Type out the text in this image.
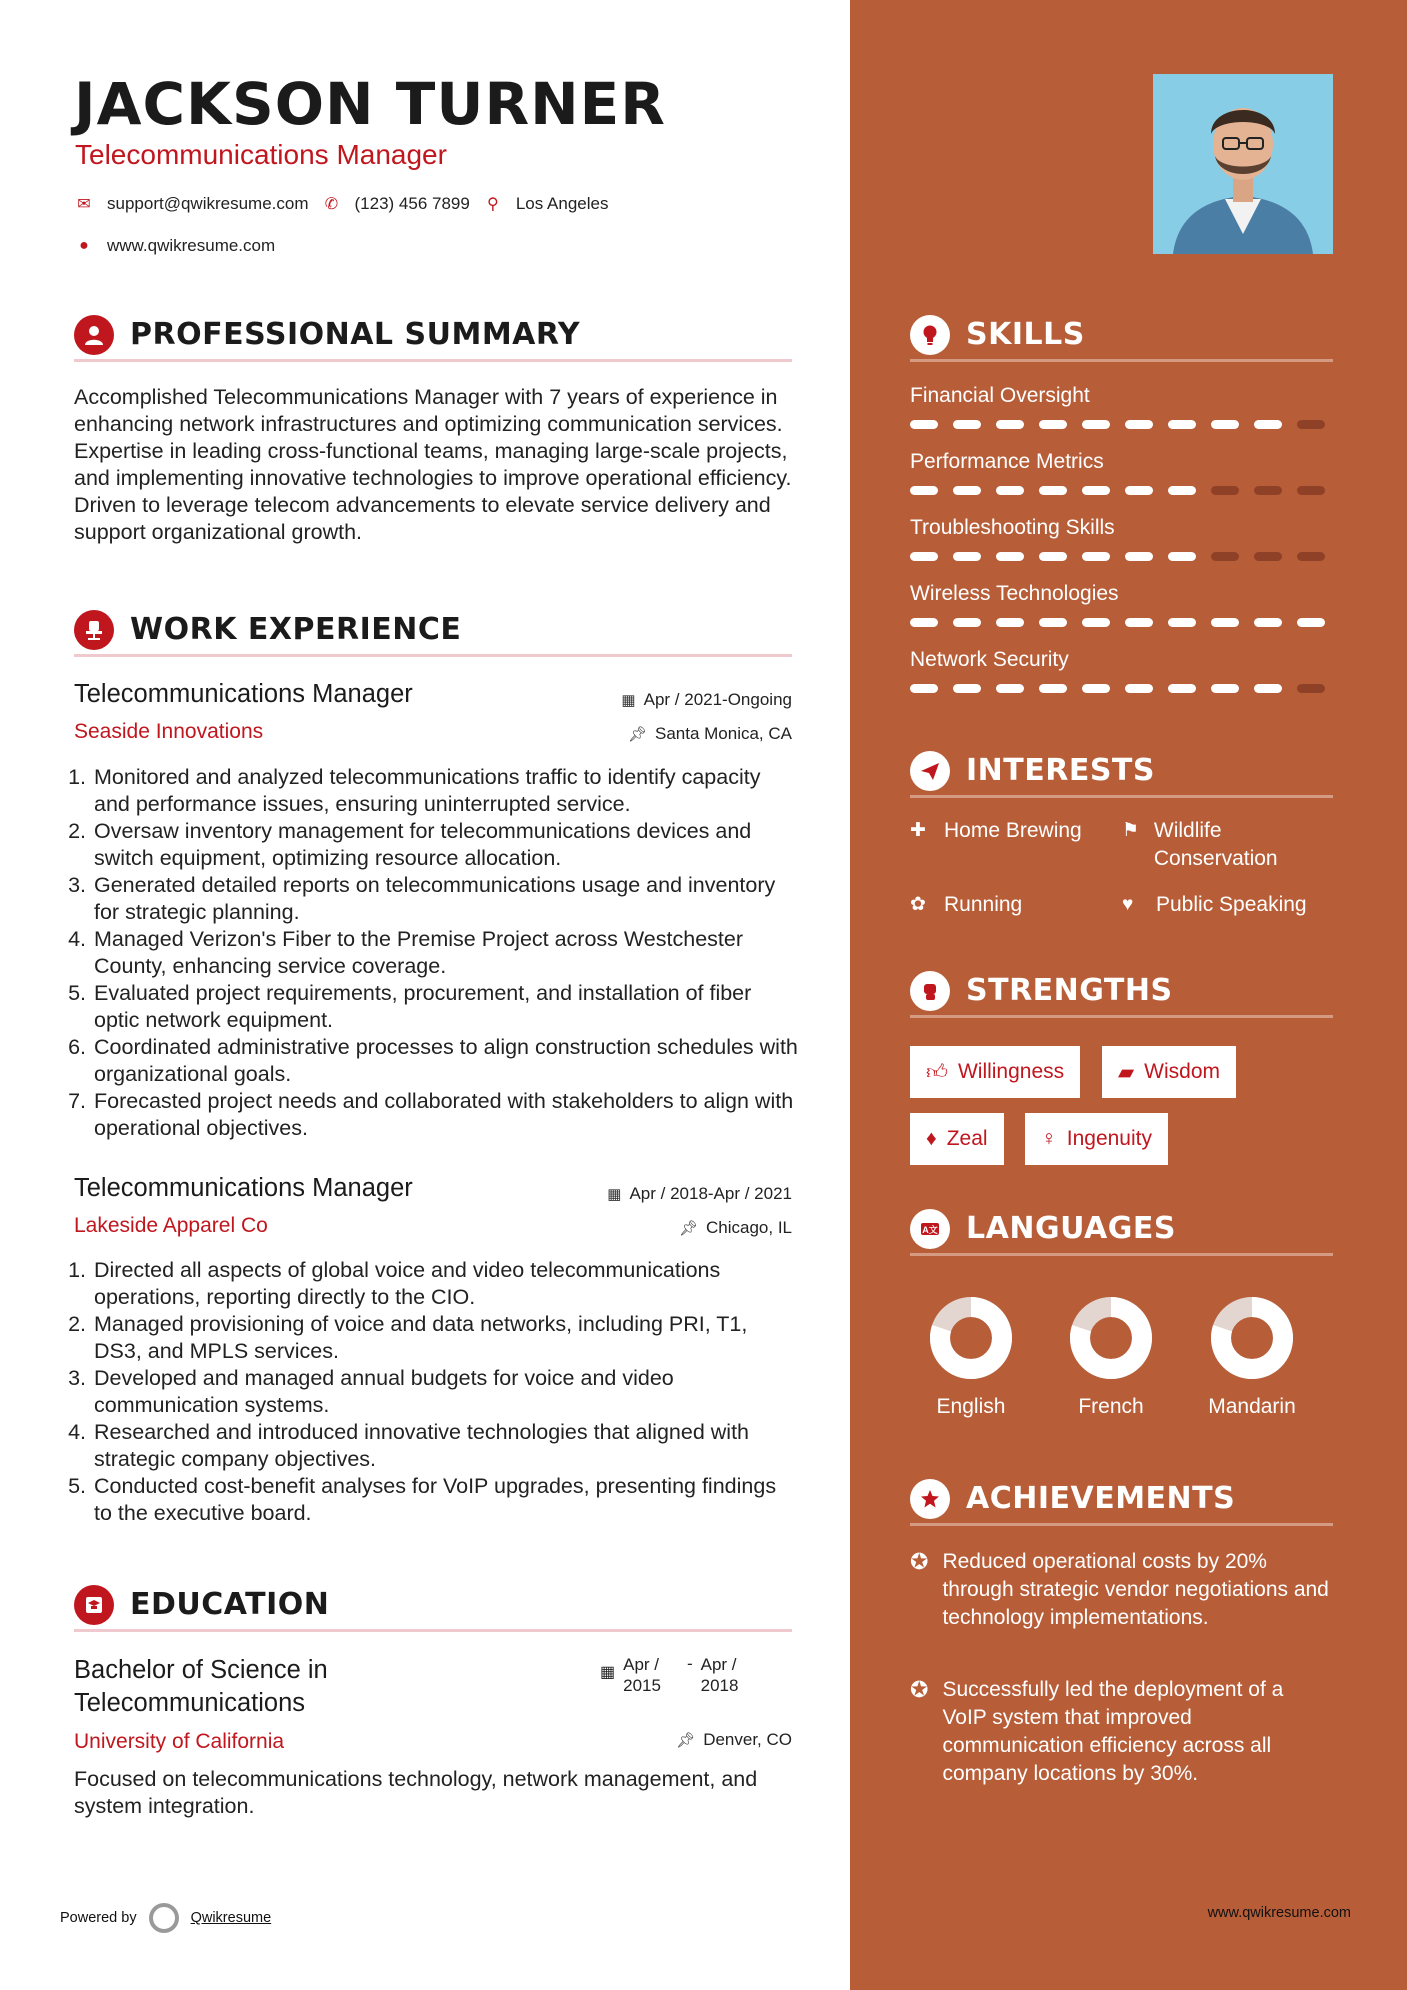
JACKSON TURNER
Telecommunications Manager
✉ support@qwikresume.com ✆ (123) 456 7899 ⚲ Los Angeles
● www.qwikresume.com
PROFESSIONAL SUMMARY
Accomplished Telecommunications Manager with 7 years of experience in enhancing network infrastructures and optimizing communication services. Expertise in leading cross-functional teams, managing large-scale projects, and implementing innovative technologies to improve operational efficiency. Driven to leverage telecom advancements to elevate service delivery and support organizational growth.
WORK EXPERIENCE
Telecommunications Manager	▦ Apr / 2021-Ongoing
Seaside Innovations	📌︎ Santa Monica, CA
1. Monitored and analyzed telecommunications traffic to identify capacity and performance issues, ensuring uninterrupted service.
2. Oversaw inventory management for telecommunications devices and switch equipment, optimizing resource allocation.
3. Generated detailed reports on telecommunications usage and inventory for strategic planning.
4. Managed Verizon's Fiber to the Premise Project across Westchester County, enhancing service coverage.
5. Evaluated project requirements, procurement, and installation of fiber optic network equipment.
6. Coordinated administrative processes to align construction schedules with organizational goals.
7. Forecasted project needs and collaborated with stakeholders to align with operational objectives.
Telecommunications Manager	▦ Apr / 2018-Apr / 2021
Lakeside Apparel Co	📌︎ Chicago, IL
1. Directed all aspects of global voice and video telecommunications operations, reporting directly to the CIO.
2. Managed provisioning of voice and data networks, including PRI, T1, DS3, and MPLS services.
3. Developed and managed annual budgets for voice and video communication systems.
4. Researched and introduced innovative technologies that aligned with strategic company objectives.
5. Conducted cost-benefit analyses for VoIP upgrades, presenting findings to the executive board.
EDUCATION
Bachelor of Science in Telecommunications
▦ Apr /
2015
- Apr /
2018
University of California	📌︎ Denver, CO
Focused on telecommunications technology, network management, and system integration.
Powered by	Qwikresume	www.qwikresume.com
SKILLS
Financial Oversight
Performance Metrics
Troubleshooting Skills
Wireless Technologies
Network Security
INTERESTS
✚ Home Brewing ⚑ Wildlife Conservation
✿ Running	♥	Public Speaking
STRENGTHS
👍︎ Willingness	▰ Wisdom
♦ Zeal	♀ Ingenuity
A文 LANGUAGES
English	French	Mandarin
ACHIEVEMENTS
✪ Reduced operational costs by 20% through strategic vendor negotiations and technology implementations.
✪ Successfully led the deployment of a VoIP system that improved communication efficiency across all company locations by 30%.
